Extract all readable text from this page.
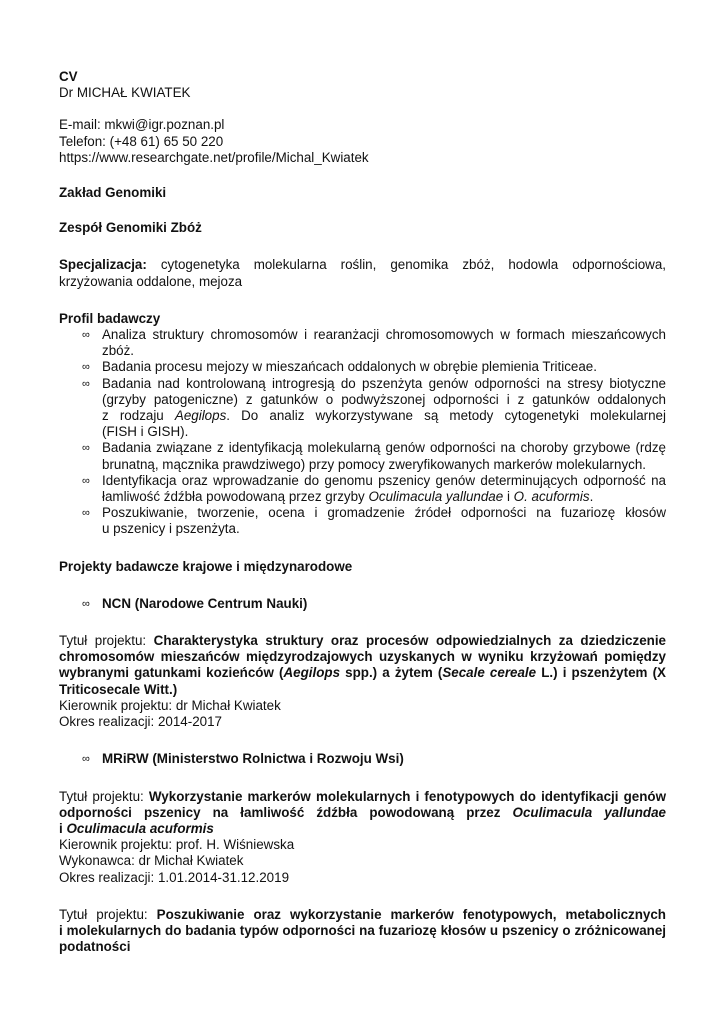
CV
Dr MICHAŁ KWIATEK
E-mail: mkwi@igr.poznan.pl
Telefon: (+48 61) 65 50 220
https://www.researchgate.net/profile/Michal_Kwiatek
Zakład Genomiki
Zespół Genomiki Zbóż
Specjalizacja: cytogenetyka molekularna roślin, genomika zbóż, hodowla odpornościowa,
krzyżowania oddalone, mejoza
Profil badawczy
∞ Analiza struktury chromosomów i rearanżacji chromosomowych w formach mieszańcowych
zbóż.
∞ Badania procesu mejozy w mieszańcach oddalonych w obrębie plemienia Triticeae.
∞ Badania nad kontrolowaną introgresją do pszenżyta genów odporności na stresy biotyczne
(grzyby patogeniczne) z gatunków o podwyższonej odporności i z gatunków oddalonych
z rodzaju Aegilops. Do analiz wykorzystywane są metody cytogenetyki molekularnej
(FISH i GISH).
∞ Badania związane z identyfikacją molekularną genów odporności na choroby grzybowe (rdzę
brunatną, mącznika prawdziwego) przy pomocy zweryfikowanych markerów molekularnych.
∞ Identyfikacja oraz wprowadzanie do genomu pszenicy genów determinujących odporność na
łamliwość źdźbła powodowaną przez grzyby Oculimacula yallundae i O. acuformis.
∞ Poszukiwanie, tworzenie, ocena i gromadzenie źródeł odporności na fuzariozę kłosów
u pszenicy i pszenżyta.
Projekty badawcze krajowe i międzynarodowe
∞ NCN (Narodowe Centrum Nauki)
Tytuł projektu: Charakterystyka struktury oraz procesów odpowiedzialnych za dziedziczenie
chromosomów mieszańców międzyrodzajowych uzyskanych w wyniku krzyżowań pomiędzy
wybranymi gatunkami kozieńców (Aegilops spp.) a żytem (Secale cereale L.) i pszenżytem (X
Triticosecale Witt.)
Kierownik projektu: dr Michał Kwiatek
Okres realizacji: 2014-2017
∞ MRiRW (Ministerstwo Rolnictwa i Rozwoju Wsi)
Tytuł projektu: Wykorzystanie markerów molekularnych i fenotypowych do identyfikacji genów
odporności pszenicy na łamliwość źdźbła powodowaną przez Oculimacula yallundae
i Oculimacula acuformis
Kierownik projektu: prof. H. Wiśniewska
Wykonawca: dr Michał Kwiatek
Okres realizacji: 1.01.2014-31.12.2019
Tytuł projektu: Poszukiwanie oraz wykorzystanie markerów fenotypowych, metabolicznych
i molekularnych do badania typów odporności na fuzariozę kłosów u pszenicy o zróżnicowanej
podatności
